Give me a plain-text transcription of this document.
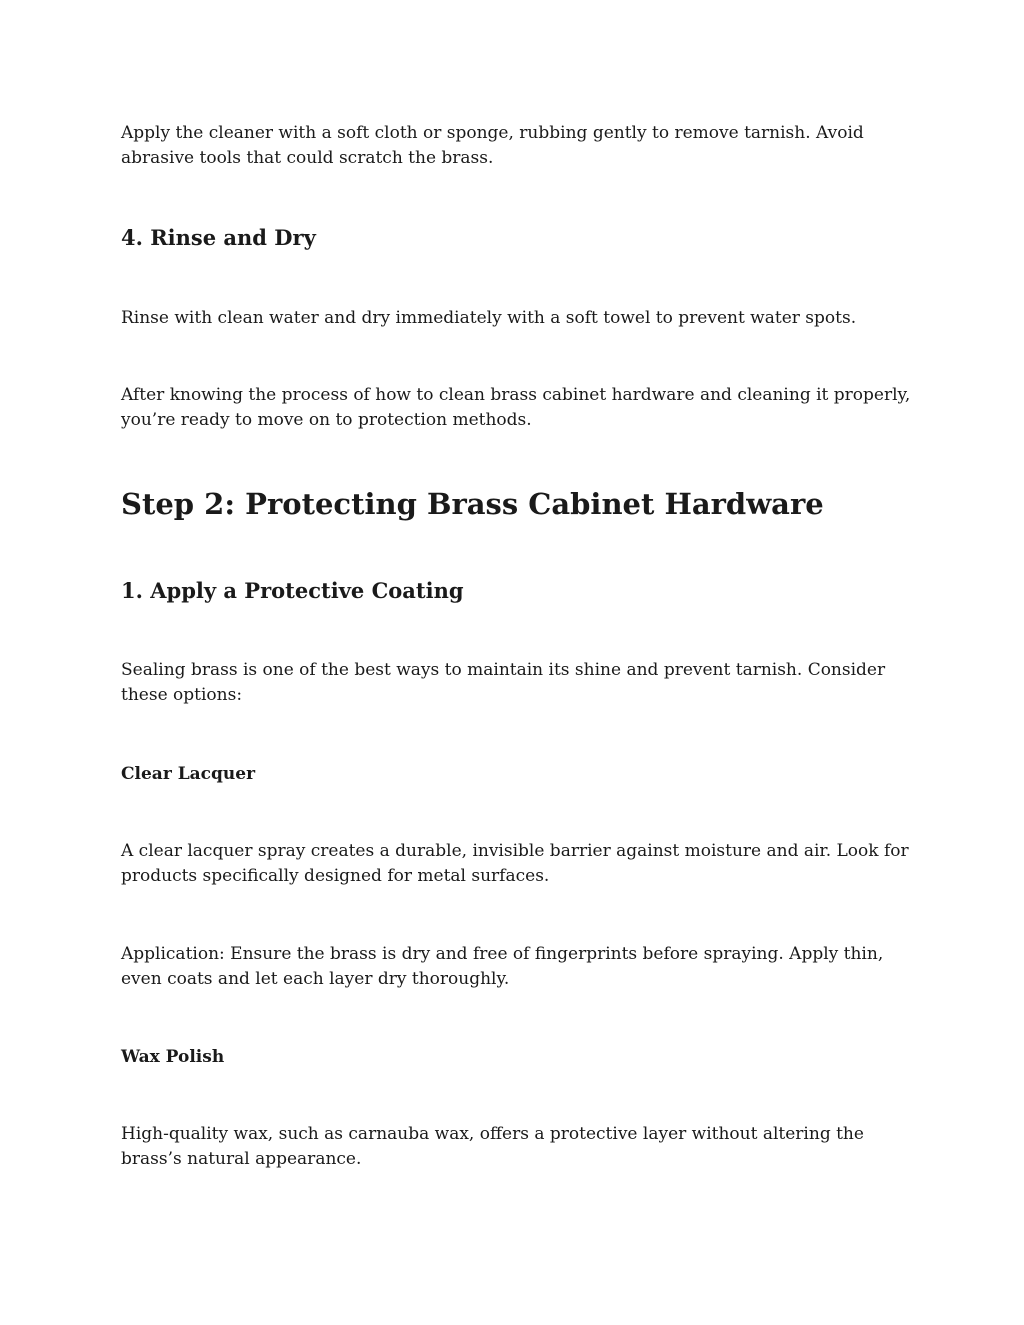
Apply the cleaner with a soft cloth or sponge, rubbing gently to remove tarnish. Avoid abrasive tools that could scratch the brass.

4. Rinse and Dry

Rinse with clean water and dry immediately with a soft towel to prevent water spots.

After knowing the process of how to clean brass cabinet hardware and cleaning it properly, you’re ready to move on to protection methods.

Step 2: Protecting Brass Cabinet Hardware
1. Apply a Protective Coating

Sealing brass is one of the best ways to maintain its shine and prevent tarnish. Consider these options:

Clear Lacquer

A clear lacquer spray creates a durable, invisible barrier against moisture and air. Look for products specifically designed for metal surfaces.

Application: Ensure the brass is dry and free of fingerprints before spraying. Apply thin, even coats and let each layer dry thoroughly.

Wax Polish

High-quality wax, such as carnauba wax, offers a protective layer without altering the brass’s natural appearance.
